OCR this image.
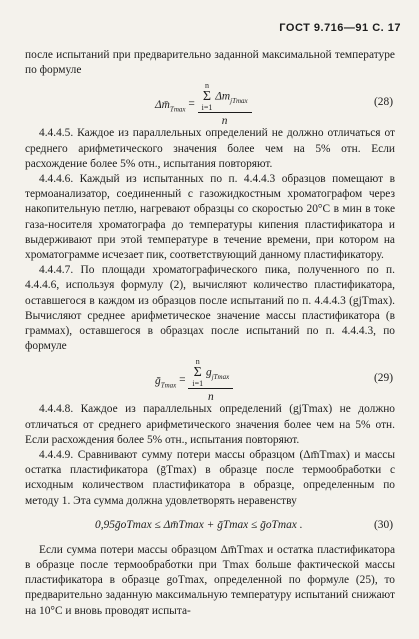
ГОСТ 9.716—91 С. 17

после испытаний при предварительно заданной максимальной температуре по формуле

$\Delta m̄_{Tmax} = n$
Σ
i=1 $\Delta m_{jTmax}$
n	(28)

4.4.4.5. Каждое из параллельных определений не должно отличаться от среднего арифметического значения более чем на 5% отн. Если расхождение более 5% отн., испытания повторяют.

4.4.4.6. Каждый из испытанных по п. 4.4.4.3 образцов помещают в термоанализатор, соединенный с газожидкостным хроматографом через накопительную петлю, нагревают образцы со скоростью 20°С в мин в токе газа-носителя хроматографа до температуры кипения пластификатора и выдерживают при этой температуре в течение времени, при котором на хроматограмме исчезает пик, соответствующий данному пластификатору.

4.4.4.7. По площади хроматографического пика, полученного по п. 4.4.4.6, используя формулу (2), вычисляют количество пластификатора, оставшегося в каждом из образцов после испытаний по п. 4.4.4.3 (gjTmax). Вычисляют среднее арифметическое значение массы пластификатора (в граммах), оставшегося в образцах после испытаний по п. 4.4.4.3, по формуле

ḡ$_{Tmax}$ = n
Σ
i=1 $g_{jTmax}$
n	(29)

4.4.4.8. Каждое из параллельных определений (gjTmax) не должно отличаться от среднего арифметического значения более чем на 5% отн. Если расхождения более 5% отн., испытания повторяют.

4.4.4.9. Сравнивают сумму потери массы образцом (Δm̄Tmax) и массы остатка пластификатора (ḡTmax) в образце после термообработки с исходным количеством пластификатора в образце, определенным по методу 1. Эта сумма должна удовлетворять неравенству

0,95ḡoTmax ≤ Δm̄Tmax + ḡTmax ≤ ḡoTmax .	(30)

Если сумма потери массы образцом Δm̄Tmax и остатка пластификатора в образце после термообработки при Tmax больше фактической массы пластификатора в образце goTmax, определенной по формуле (25), то предварительно заданную максимальную температуру испытаний снижают на 10°С и вновь проводят испыта-
